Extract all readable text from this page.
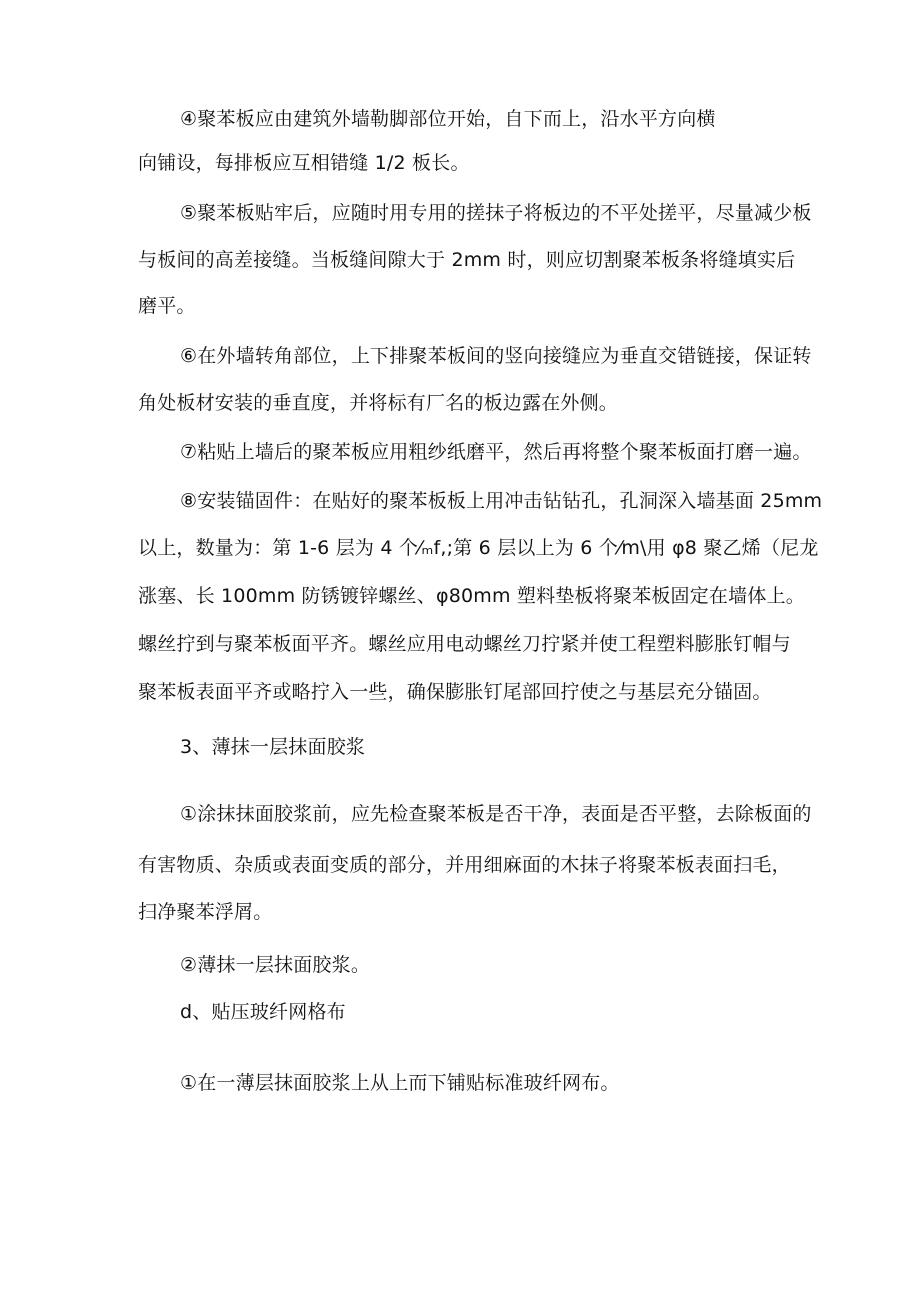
④聚苯板应由建筑外墙勒脚部位开始，自下而上，沿水平方向横
向铺设，每排板应互相错缝 1/2 板长。
⑤聚苯板贴牢后，应随时用专用的搓抹子将板边的不平处搓平，尽量减少板
与板间的高差接缝。当板缝间隙大于 2mm 时，则应切割聚苯板条将缝填实后
磨平。
⑥在外墙转角部位，上下排聚苯板间的竖向接缝应为垂直交错链接，保证转
角处板材安装的垂直度，并将标有厂名的板边露在外侧。
⑦粘贴上墙后的聚苯板应用粗纱纸磨平，然后再将整个聚苯板面打磨一遍。
⑧安装锚固件：在贴好的聚苯板板上用冲击钻钻孔，孔洞深入墙基面 25mm
以上，数量为：第 1-6 层为 4 个⁄ₘf,;第 6 层以上为 6 个⁄m\用 φ8 聚乙烯（尼龙
涨塞、长 100mm 防锈镀锌螺丝、φ80mm 塑料垫板将聚苯板固定在墙体上。
螺丝拧到与聚苯板面平齐。螺丝应用电动螺丝刀拧紧并使工程塑料膨胀钉帽与
聚苯板表面平齐或略拧入一些，确保膨胀钉尾部回拧使之与基层充分锚固。
3、薄抹一层抹面胶浆
①涂抹抹面胶浆前，应先检查聚苯板是否干净，表面是否平整，去除板面的
有害物质、杂质或表面变质的部分，并用细麻面的木抹子将聚苯板表面扫毛，
扫净聚苯浮屑。
②薄抹一层抹面胶浆。
d、贴压玻纤网格布
①在一薄层抹面胶浆上从上而下铺贴标准玻纤网布。
